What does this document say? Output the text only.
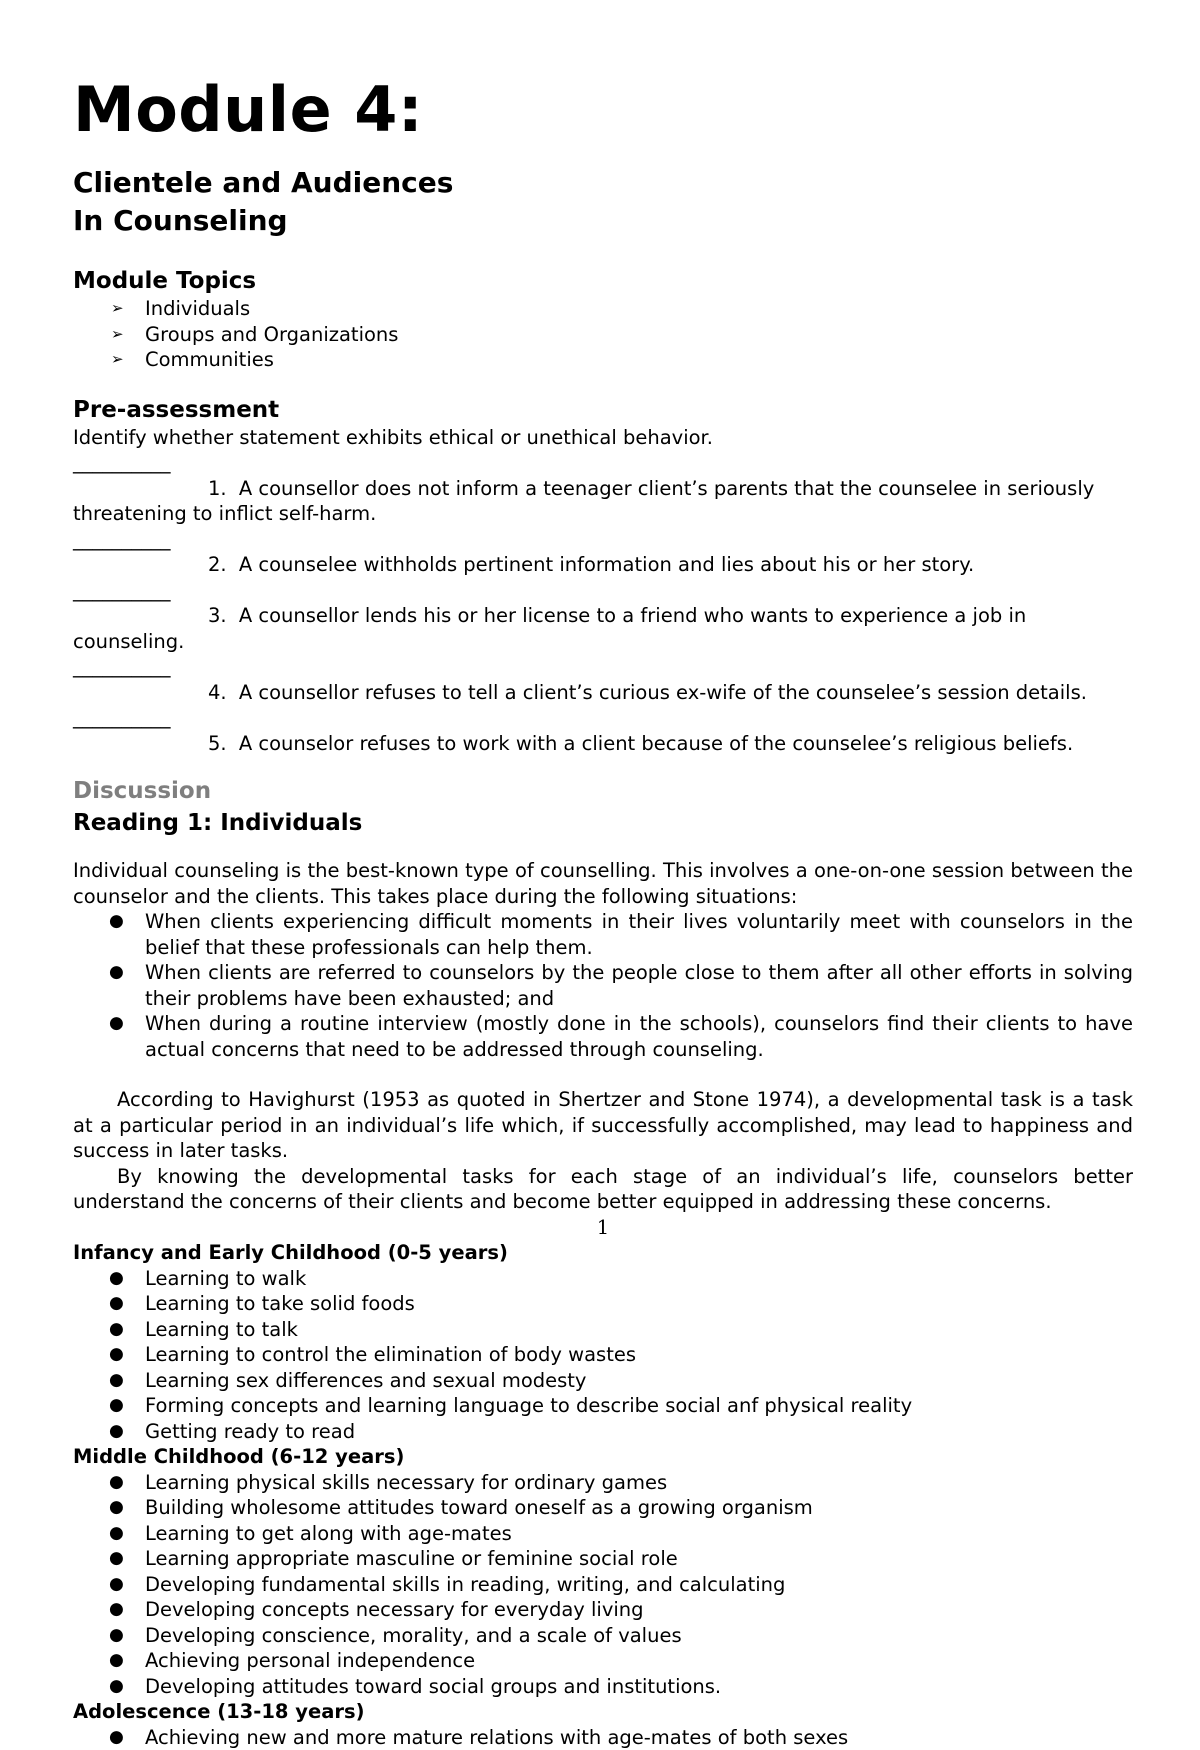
Module 4:
Clientele and Audiences
In Counseling
Module Topics
➢ Individuals
➢ Groups and Organizations
➢ Communities
Pre-assessment

Identify whether statement exhibits ethical or unethical behavior.

__________
1. A counsellor does not inform a teenager client’s parents that the counselee in seriously
threatening to inflict self-harm.
__________
2. A counselee withholds pertinent information and lies about his or her story.
__________
3. A counsellor lends his or her license to a friend who wants to experience a job in
counseling.
__________
4. A counsellor refuses to tell a client’s curious ex-wife of the counselee’s session details.
__________
5. A counselor refuses to work with a client because of the counselee’s religious beliefs.
Discussion
Reading 1: Individuals

Individual counseling is the best-known type of counselling. This involves a one-on-one session between the counselor and the clients. This takes place during the following situations:

● When clients experiencing difficult moments in their lives voluntarily meet with counselors in the belief that these professionals can help them.
● When clients are referred to counselors by the people close to them after all other efforts in solving their problems have been exhausted; and
● When during a routine interview (mostly done in the schools), counselors find their clients to have actual concerns that need to be addressed through counseling.

According to Havighurst (1953 as quoted in Shertzer and Stone 1974), a developmental task is a task at a particular period in an individual’s life which, if successfully accomplished, may lead to happiness and success in later tasks.

By knowing the developmental tasks for each stage of an individual’s life, counselors better understand the concerns of their clients and become better equipped in addressing these concerns.

1

Infancy and Early Childhood (0-5 years)
● Learning to walk
● Learning to take solid foods
● Learning to talk
● Learning to control the elimination of body wastes
● Learning sex differences and sexual modesty
● Forming concepts and learning language to describe social anf physical reality
● Getting ready to read
Middle Childhood (6-12 years)
● Learning physical skills necessary for ordinary games
● Building wholesome attitudes toward oneself as a growing organism
● Learning to get along with age-mates
● Learning appropriate masculine or feminine social role
● Developing fundamental skills in reading, writing, and calculating
● Developing concepts necessary for everyday living
● Developing conscience, morality, and a scale of values
● Achieving personal independence
● Developing attitudes toward social groups and institutions.
Adolescence (13-18 years)
● Achieving new and more mature relations with age-mates of both sexes
